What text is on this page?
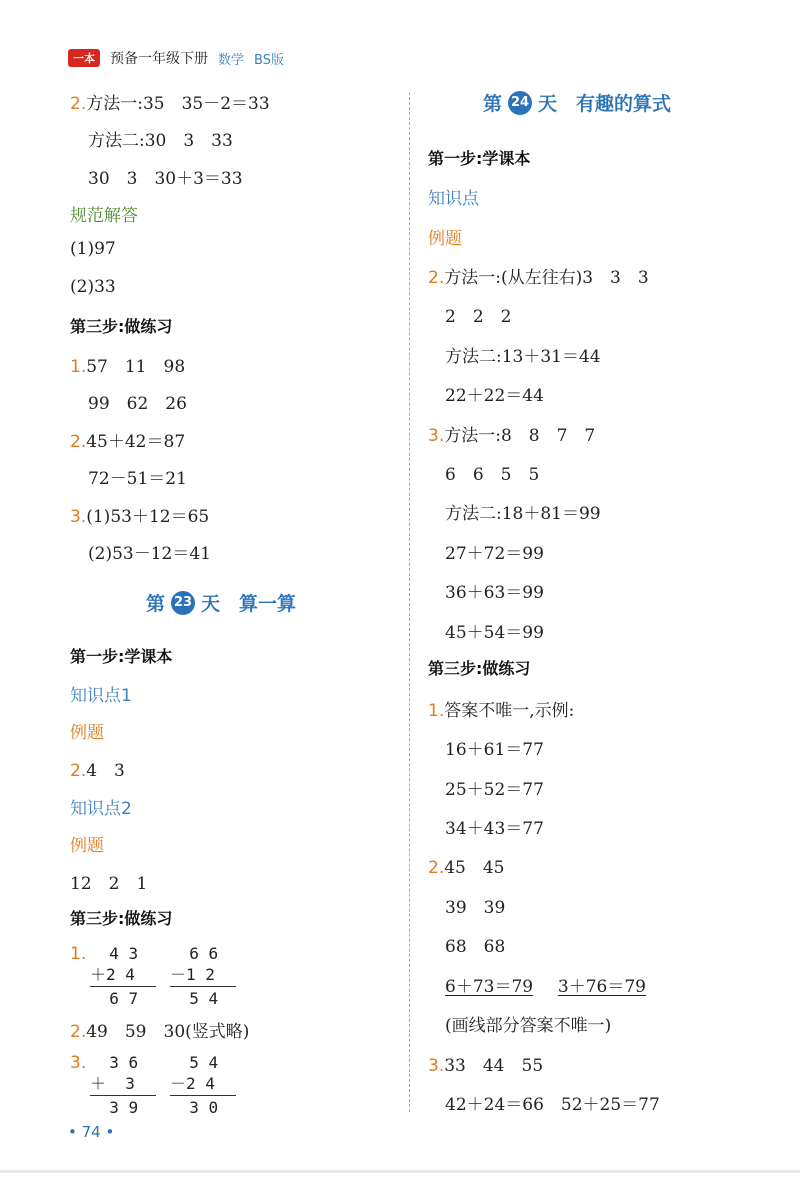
一本	预备一年级下册 数学 BS版
2.方法一:35　35－2＝33
方法二:30　3　33
30　3　30＋3＝33
规范解答
(1)97
(2)33
第三步:做练习
1.57　11　98
99　62　26
2.45＋42＝87
72－51＝21
3.(1)53＋12＝65
(2)53－12＝41
第 23 天　算一算
第一步:学课本
知识点1
例题
2.4　3
知识点2
例题
12　2　1
第三步:做练习
1. 4 3
＋2 4
6 7
6 6
－1 2
5 4
2.49　59　30(竖式略)
3. 3 6
＋  3
3 9
5 4
－2 4
3 0
第 24 天　有趣的算式
第一步:学课本
知识点
例题
2.方法一:(从左往右)3　3　3
2　2　2
方法二:13＋31＝44
22＋22＝44
3.方法一:8　8　7　7
6　6　5　5
方法二:18＋81＝99
27＋72＝99
36＋63＝99
45＋54＝99
第三步:做练习
1.答案不唯一,示例:
16＋61＝77
25＋52＝77
34＋43＝77
2.45　45
39　39
68　68
6＋73＝79 3＋76＝79
(画线部分答案不唯一)
3.33　44　55
42＋24＝66　52＋25＝77
• 74 •
